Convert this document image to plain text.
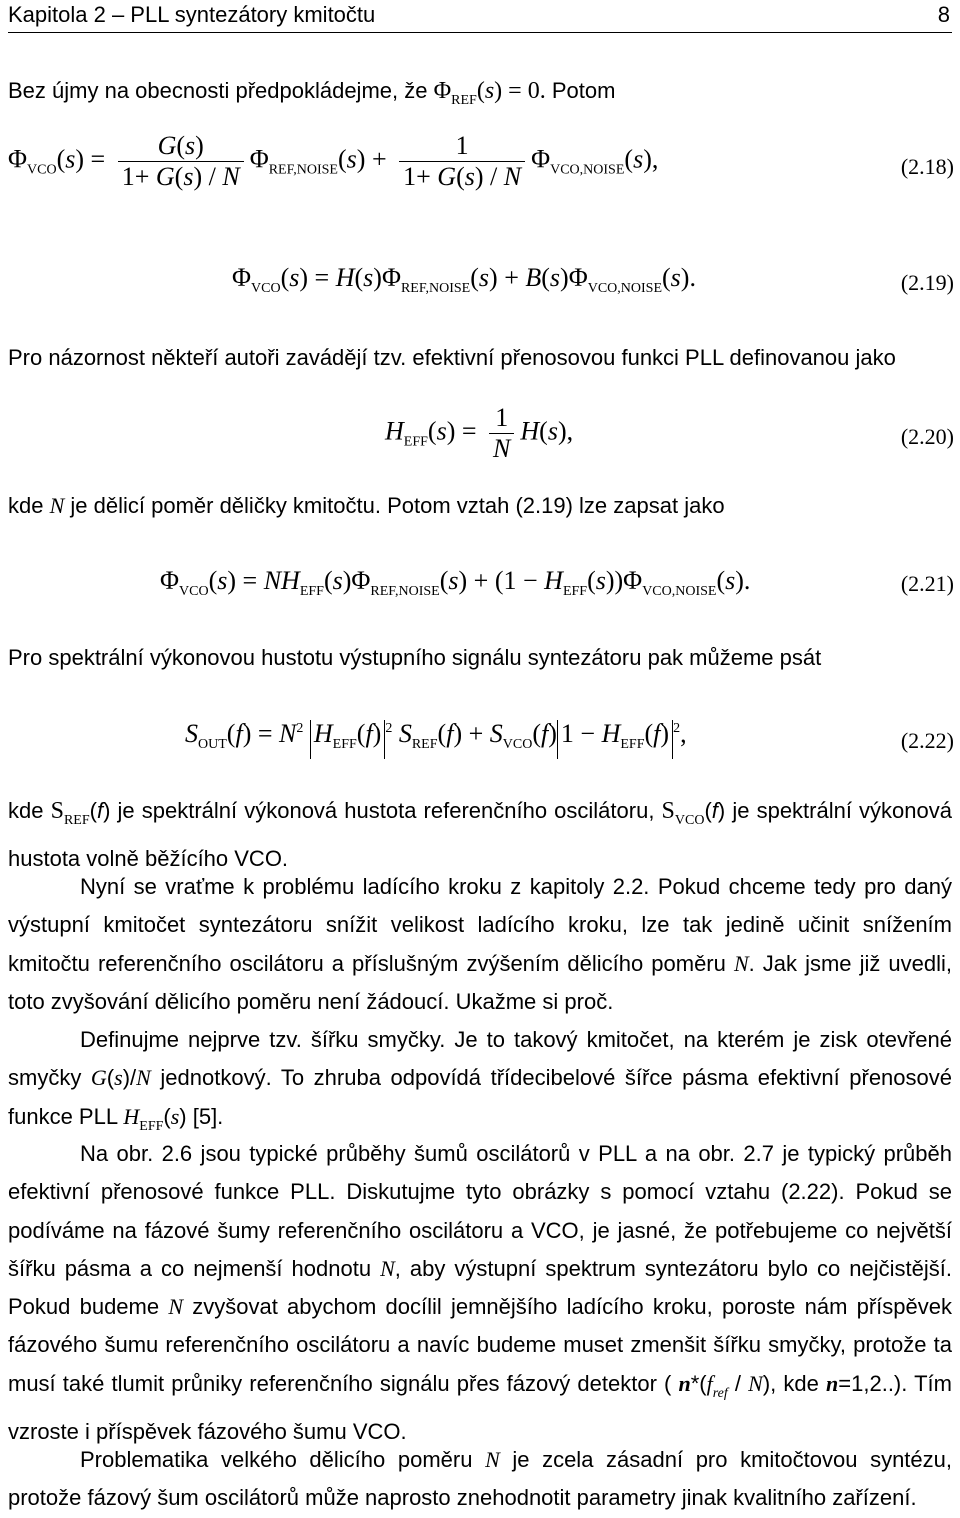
Kapitola 2 – PLL syntezátory kmitočtu	8
Bez újmy na obecnosti předpokládejme, že $\Phi_{REF}(s) = 0$. Potom
$\Phi_{VCO}(s) = \frac{G(s)}{1+ G(s) / N} \Phi_{REF,NOISE}(s) + \frac{1}{1+ G(s) / N} \Phi_{VCO,NOISE}(s)$,	(2.18)
$\Phi_{VCO}(s) = H(s)\Phi_{REF,NOISE}(s) + B(s)\Phi_{VCO,NOISE}(s)$.	(2.19)
Pro názornost někteří autoři zavádějí tzv. efektivní přenosovou funkci PLL definovanou jako
$H_{EFF}(s) = \frac{1}{N} H(s)$,	(2.20)
kde N je dělicí poměr děličky kmitočtu. Potom vztah (2.19) lze zapsat jako
$\Phi_{VCO}(s) = NH_{EFF}(s)\Phi_{REF,NOISE}(s) + (1 - H_{EFF}(s))\Phi_{VCO,NOISE}(s)$.	(2.21)
Pro spektrální výkonovou hustotu výstupního signálu syntezátoru pak můžeme psát
$S_{OUT}(f) = N^2$ $H_{EFF}(f)$ $^2$ $S_{REF}(f) + S_{VCO}(f) 1 - H_{EFF}(f)$ $^2$,	(2.22)
kde $S_{REF}(f)$ je spektrální výkonová hustota referenčního oscilátoru, $S_{VCO}(f)$ je spektrální výkonová hustota volně běžícího VCO.
Nyní se vraťme k problému ladícího kroku z kapitoly 2.2. Pokud chceme tedy pro daný výstupní kmitočet syntezátoru snížit velikost ladícího kroku, lze tak jedině učinit snížením kmitočtu referenčního oscilátoru a příslušným zvýšením dělicího poměru N. Jak jsme již uvedli, toto zvyšování dělicího poměru není žádoucí. Ukažme si proč.
Definujme nejprve tzv. šířku smyčky. Je to takový kmitočet, na kterém je zisk otevřené smyčky G(s)/N jednotkový. To zhruba odpovídá třídecibelové šířce pásma efektivní přenosové funkce PLL $H_{EFF}(s)$ [5].
Na obr. 2.6 jsou typické průběhy šumů oscilátorů v PLL a na obr. 2.7 je typický průběh efektivní přenosové funkce PLL. Diskutujme tyto obrázky s pomocí vztahu (2.22). Pokud se podíváme na fázové šumy referenčního oscilátoru a VCO, je jasné, že potřebujeme co největší šířku pásma a co nejmenší hodnotu N, aby výstupní spektrum syntezátoru bylo co nejčistější. Pokud budeme N zvyšovat abychom docílil jemnějšího ladícího kroku, poroste nám příspěvek fázového šumu referenčního oscilátoru a navíc budeme muset zmenšit šířku smyčky, protože ta musí také tlumit průniky referenčního signálu přes fázový detektor ( $n*(f_{ref} / N)$, kde n=1,2..). Tím vzroste i příspěvek fázového šumu VCO.
Problematika velkého dělicího poměru N je zcela zásadní pro kmitočtovou syntézu, protože fázový šum oscilátorů může naprosto znehodnotit parametry jinak kvalitního zařízení.
